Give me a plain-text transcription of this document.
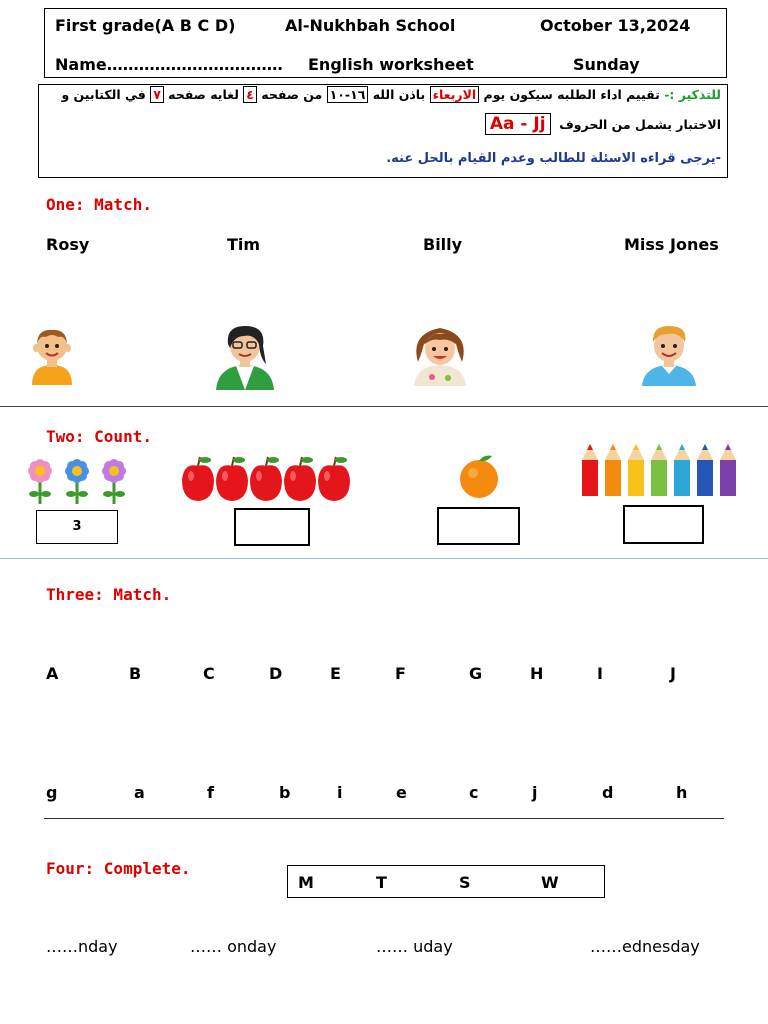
First grade(A B C D)	Al-Nukhbah School	October 13,2024
Name…………………………… English worksheet	Sunday
للتذكير :- تقييم اداء الطلبه سيكون يوم الاربعاء باذن الله ١٦-١٠ من صفحه ٤ لغايه صفحه ٧ في الكتابين و
الاختبار يشمل من الحروف  Aa - Jj
-يرجى قراءه الاسئلة للطالب وعدم القيام بالحل عنه.
One: Match.
Rosy	Tim	Billy	Miss Jones
Two: Count.
3
Three: Match.
A	B	C	D	E	F	G	H	I	J
g	a	f	b	i	e	c	j	d	h
Four: Complete.
M	T	S	W
……nday	…… onday	…… uday	……ednesday
